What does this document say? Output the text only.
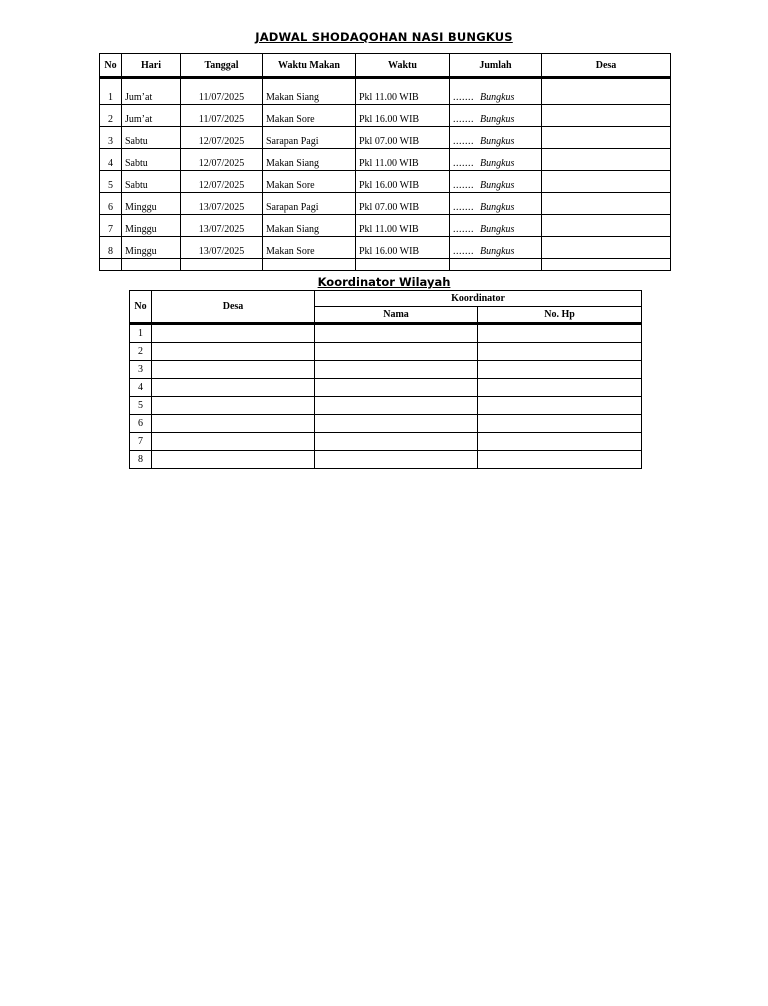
JADWAL SHODAQOHAN NASI BUNGKUS
No	Hari	Tanggal	Waktu Makan	Waktu	Jumlah	Desa
1	Jum’at	11/07/2025	Makan Siang	Pkl 11.00 WIB	....... Bungkus	
2	Jum’at	11/07/2025	Makan Sore	Pkl 16.00 WIB	....... Bungkus	
3	Sabtu	12/07/2025	Sarapan Pagi	Pkl 07.00 WIB	....... Bungkus	
4	Sabtu	12/07/2025	Makan Siang	Pkl 11.00 WIB	....... Bungkus	
5	Sabtu	12/07/2025	Makan Sore	Pkl 16.00 WIB	....... Bungkus	
6	Minggu	13/07/2025	Sarapan Pagi	Pkl 07.00 WIB	....... Bungkus	
7	Minggu	13/07/2025	Makan Siang	Pkl 11.00 WIB	....... Bungkus	
8	Minggu	13/07/2025	Makan Sore	Pkl 16.00 WIB	....... Bungkus	

Koordinator Wilayah
No	Desa	Koordinator	
		Nama	No. Hp
1			
2			
3			
4			
5			
6			
7			
8			
